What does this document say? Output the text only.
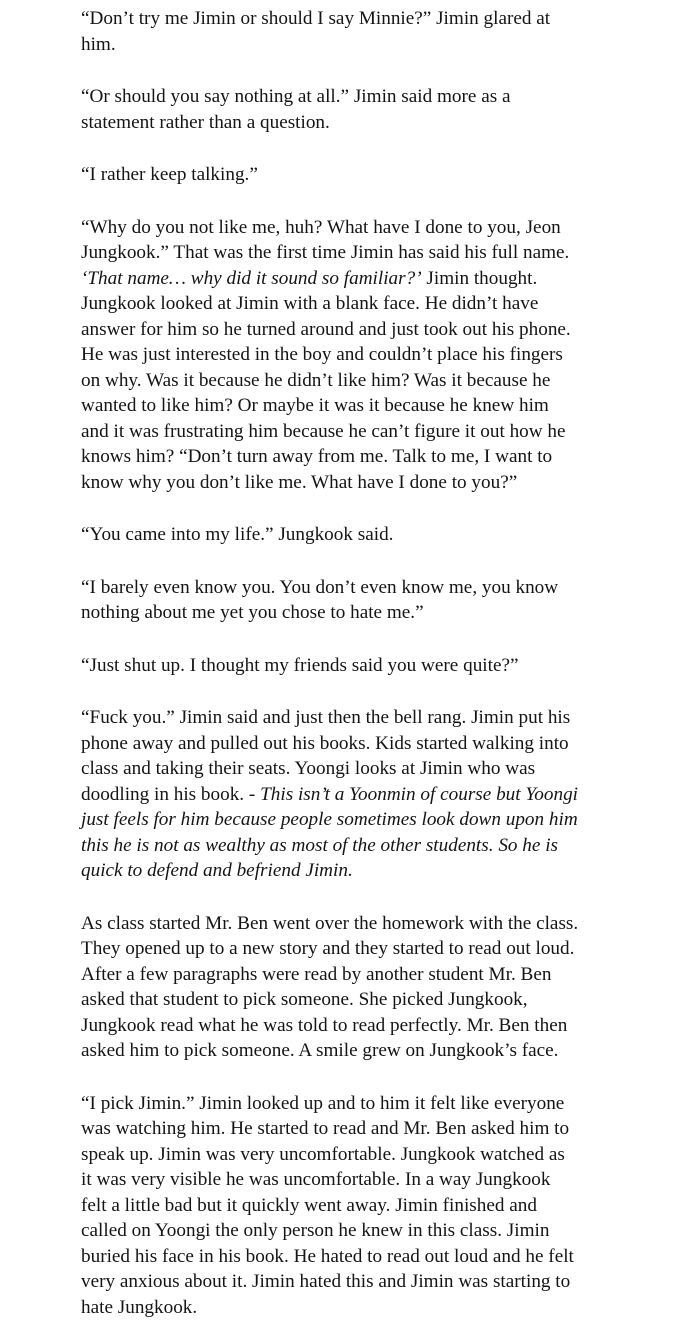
“Don’t try me Jimin or should I say Minnie?” Jimin glared at
him.

“Or should you say nothing at all.” Jimin said more as a
statement rather than a question.

“I rather keep talking.”

“Why do you not like me, huh? What have I done to you, Jeon
Jungkook.” That was the first time Jimin has said his full name.
‘That name… why did it sound so familiar?’ Jimin thought.
Jungkook looked at Jimin with a blank face. He didn’t have
answer for him so he turned around and just took out his phone.
He was just interested in the boy and couldn’t place his fingers
on why. Was it because he didn’t like him? Was it because he
wanted to like him? Or maybe it was it because he knew him
and it was frustrating him because he can’t figure it out how he
knows him? “Don’t turn away from me. Talk to me, I want to
know why you don’t like me. What have I done to you?”

“You came into my life.” Jungkook said.

“I barely even know you. You don’t even know me, you know
nothing about me yet you chose to hate me.”

“Just shut up. I thought my friends said you were quite?”

“Fuck you.” Jimin said and just then the bell rang. Jimin put his
phone away and pulled out his books. Kids started walking into
class and taking their seats. Yoongi looks at Jimin who was
doodling in his book. - This isn’t a Yoonmin of course but Yoongi
just feels for him because people sometimes look down upon him
this he is not as wealthy as most of the other students. So he is
quick to defend and befriend Jimin.

As class started Mr. Ben went over the homework with the class.
They opened up to a new story and they started to read out loud.
After a few paragraphs were read by another student Mr. Ben
asked that student to pick someone. She picked Jungkook,
Jungkook read what he was told to read perfectly. Mr. Ben then
asked him to pick someone. A smile grew on Jungkook’s face.

“I pick Jimin.” Jimin looked up and to him it felt like everyone
was watching him. He started to read and Mr. Ben asked him to
speak up. Jimin was very uncomfortable. Jungkook watched as
it was very visible he was uncomfortable. In a way Jungkook
felt a little bad but it quickly went away. Jimin finished and
called on Yoongi the only person he knew in this class. Jimin
buried his face in his book. He hated to read out loud and he felt
very anxious about it. Jimin hated this and Jimin was starting to
hate Jungkook.
